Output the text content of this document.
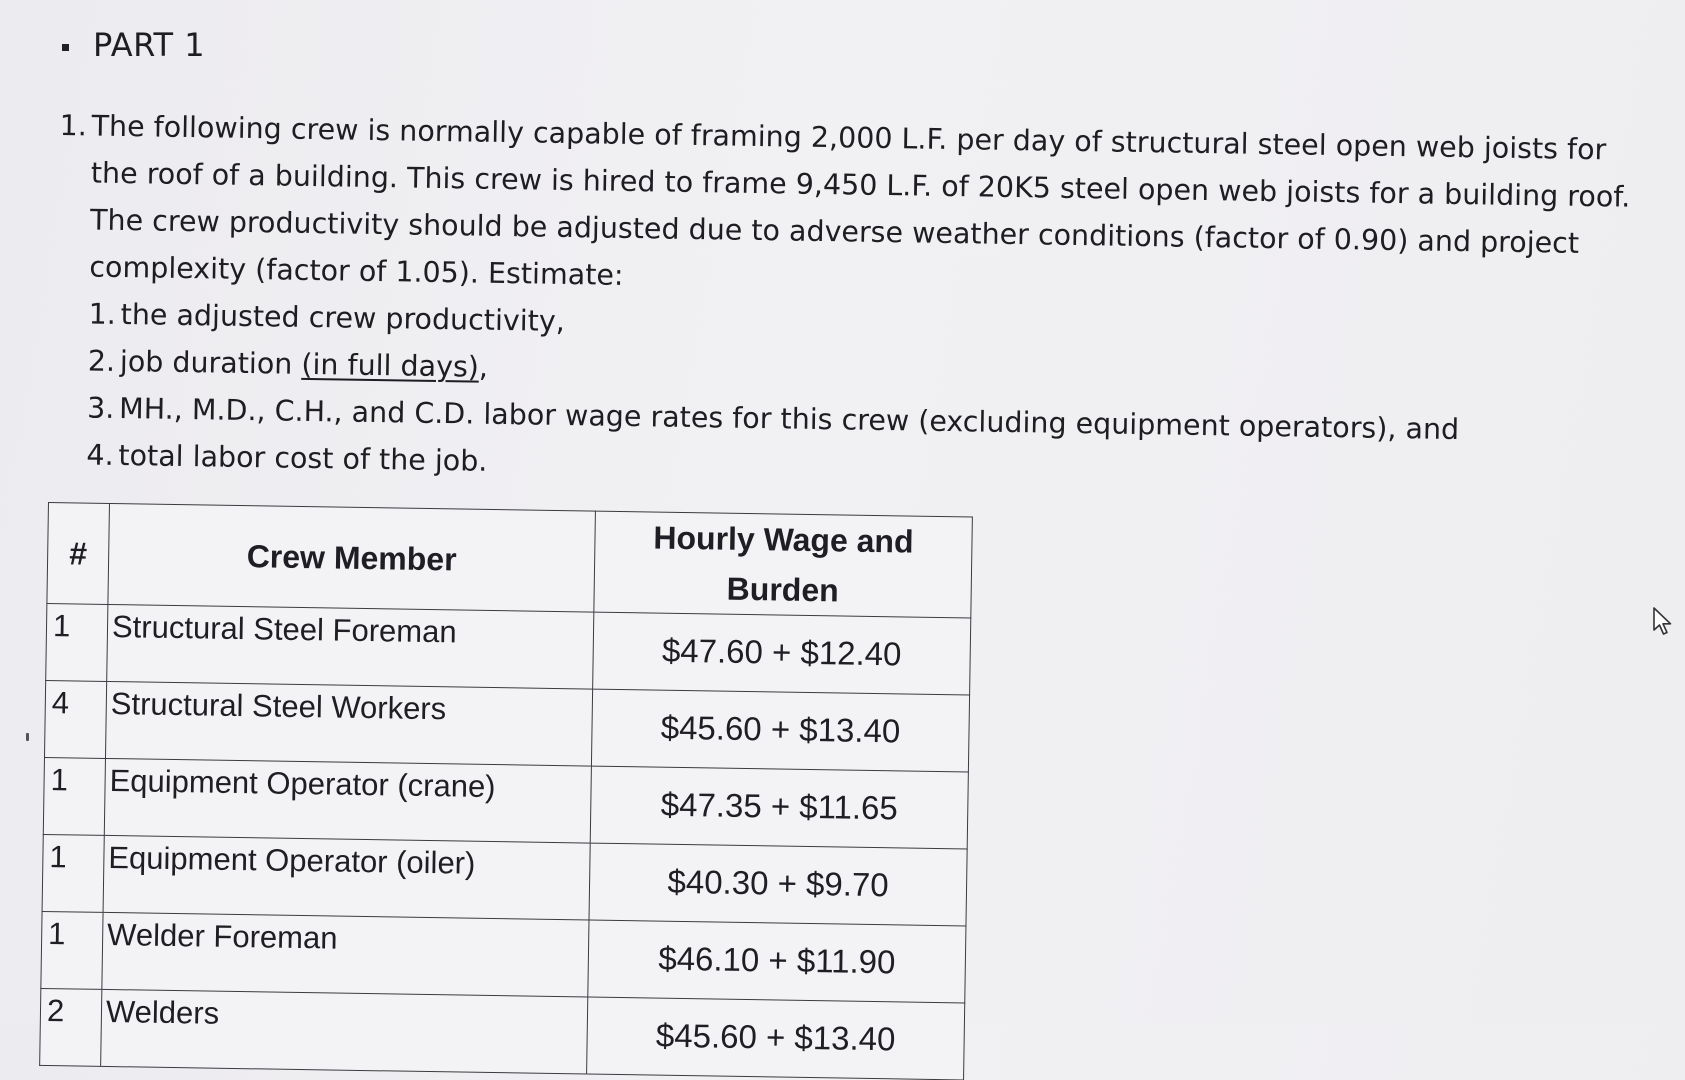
PART 1
1. The following crew is normally capable of framing 2,000 L.F. per day of structural steel open web joists for
the roof of a building. This crew is hired to frame 9,450 L.F. of 20K5 steel open web joists for a building roof.
The crew productivity should be adjusted due to adverse weather conditions (factor of 0.90) and project
complexity (factor of 1.05). Estimate:
1. the adjusted crew productivity,
2. job duration (in full days),
3. MH., M.D., C.H., and C.D. labor wage rates for this crew (excluding equipment operators), and
4. total labor cost of the job.
#	Crew Member	Hourly Wage and
Burden

1	Structural Steel Foreman	$47.60 + $12.40
4	Structural Steel Workers	$45.60 + $13.40
1	Equipment Operator (crane)	$47.35 + $11.65
1	Equipment Operator (oiler)	$40.30 + $9.70
1	Welder Foreman	$46.10 + $11.90
2	Welders	$45.60 + $13.40
